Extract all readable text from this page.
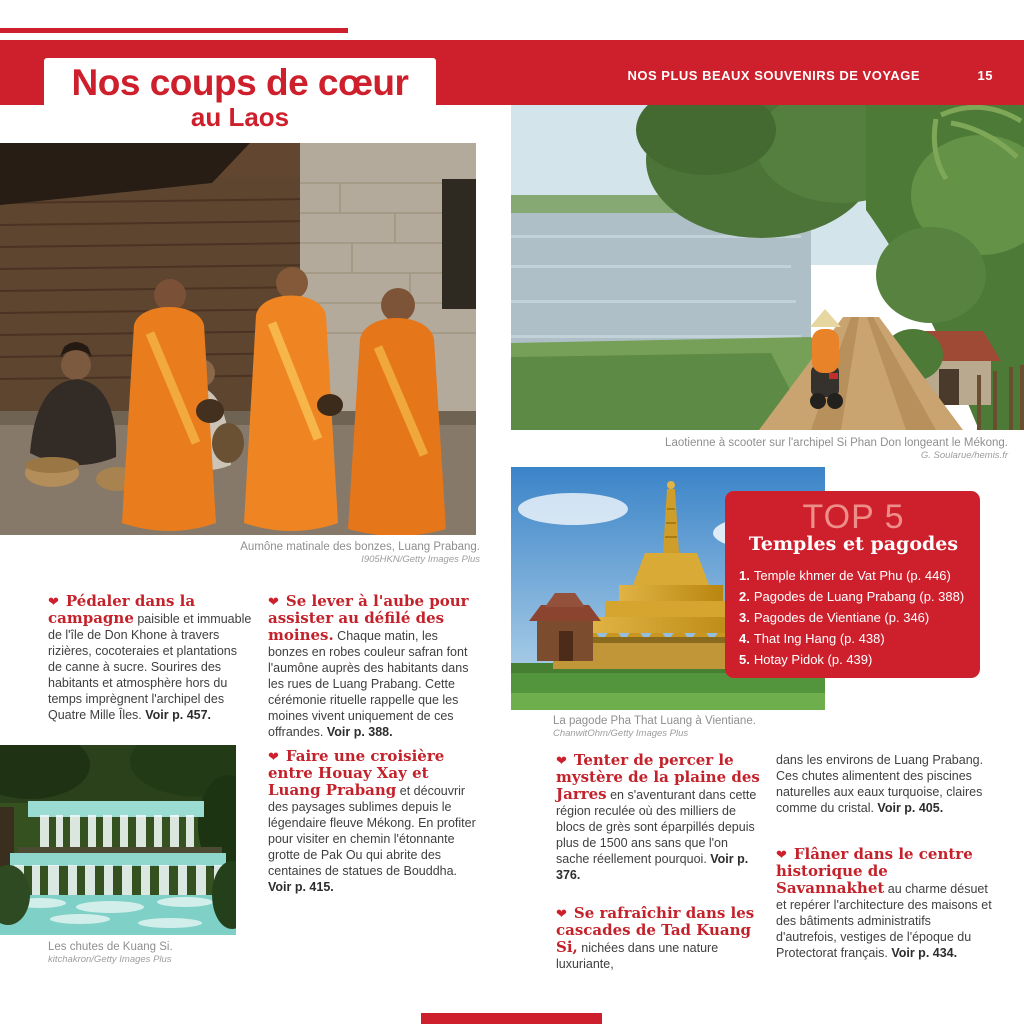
NOS PLUS BEAUX SOUVENIRS DE VOYAGE	15
Nos coups de cœur
au Laos
Aumône matinale des bonzes, Luang Prabang.
I905HKN/Getty Images Plus
Laotienne à scooter sur l'archipel Si Phan Don longeant le Mékong.
G. Soularue/hemis.fr
La pagode Pha That Luang à Vientiane.
ChanwitOhm/Getty Images Plus
TOP 5
Temples et pagodes
1. Temple khmer de Vat Phu (p. 446)
2. Pagodes de Luang Prabang (p. 388)
3. Pagodes de Vientiane (p. 346)
4. That Ing Hang (p. 438)
5. Hotay Pidok (p. 439)
Les chutes de Kuang Si.
kitchakron/Getty Images Plus

❤ Pédaler dans la campagne paisible et immuable de l'île de Don Khone à travers rizières, cocoteraies et plantations de canne à sucre. Sourires des habitants et atmosphère hors du temps imprègnent l'archipel des Quatre Mille Îles. Voir p. 457.

❤ Se lever à l'aube pour assister au défilé des moines. Chaque matin, les bonzes en robes couleur safran font l'aumône auprès des habitants dans les rues de Luang Prabang. Cette cérémonie rituelle rappelle que les moines vivent uniquement de ces offrandes. Voir p. 388.

❤ Faire une croisière entre Houay Xay et Luang Prabang et découvrir des paysages sublimes depuis le légendaire fleuve Mékong. En profiter pour visiter en chemin l'étonnante grotte de Pak Ou qui abrite des centaines de statues de Bouddha. Voir p. 415.

❤ Tenter de percer le mystère de la plaine des Jarres en s'aventurant dans cette région reculée où des milliers de blocs de grès sont éparpillés depuis plus de 1500 ans sans que l'on sache réellement pourquoi. Voir p. 376.

❤ Se rafraîchir dans les cascades de Tad Kuang Si, nichées dans une nature luxuriante,

dans les environs de Luang Prabang. Ces chutes alimentent des piscines naturelles aux eaux turquoise, claires comme du cristal. Voir p. 405.

❤ Flâner dans le centre historique de Savannakhet au charme désuet et repérer l'architecture des maisons et des bâtiments administratifs d'autrefois, vestiges de l'époque du Protectorat français. Voir p. 434.
